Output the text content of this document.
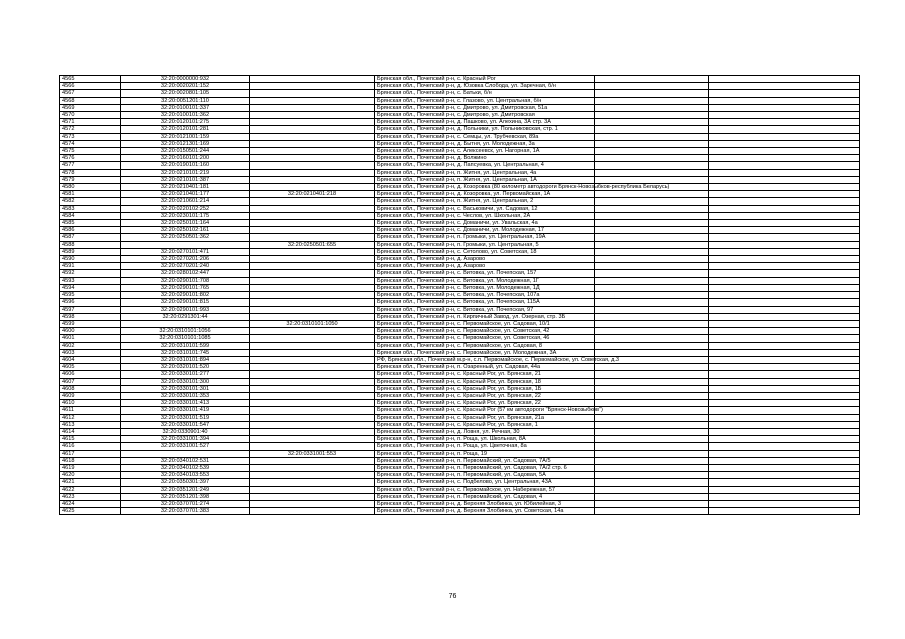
4565	32:20:0000000:932		Брянская обл., Почепский р-н, с. Красный Рог		
4566	32:20:0020201:152		Брянская обл., Почепский р-н, д. Юзовка Слобода, ул. Заречная, б/н		
4567	32:20:0020801:105		Брянская обл., Почепский р-н, с. Батьки, б/н		
4568	32:20:0051201:110		Брянская обл., Почепский р-н, с. Глазово, ул. Центральная, б/н		
4569	32:20:0100101:337		Брянская обл., Почепский р-н, с. Дмитрово, ул. Дмитровская, 51а		
4570	32:20:0100101:362		Брянская обл., Почепский р-н, с. Дмитрово, ул. Дмитровская		
4571	32:20:0120101:275		Брянская обл., Почепский р-н, д. Пашково, ул. Алехина, 3А стр. 3А		
4572	32:20:0120101:281		Брянская обл., Почепский р-н, д. Польники, ул. Польниковская, стр. 1		
4573	32:20:0121001:159		Брянская обл., Почепский р-н, с. Семцы, ул. Трубчевская, 89а		
4574	32:20:0121301:169		Брянская обл., Почепский р-н, д. Бытня, ул. Молодежная, 3а		
4575	32:20:0150501:244		Брянская обл., Почепский р-н, с. Алексеевск, ул. Нагорная, 1А		
4576	32:20:0160101:200		Брянская обл., Почепский р-н, д. Волжино		
4577	32:20:0190101:160		Брянская обл., Почепский р-н, д. Папсуевка, ул. Центральная, 4		
4578	32:20:0210101:219		Брянская обл., Почепский р-н, п. Житня, ул. Центральная, 4а		
4579	32:20:0210101:387		Брянская обл., Почепский р-н, п. Житня, ул. Центральная, 1А		
4580	32:20:0210401:181		Брянская обл., Почепский р-н, д. Козоровка (80 километр автодороги Брянск-Новозыбков-республика Беларусь)		
4581	32:20:0210401:177	32:20:0210401:218	Брянская обл., Почепский р-н, д. Козоровка, ул. Первомайская, 1А		
4582	32:20:0210601:214		Брянская обл., Почепский р-н, п. Житня, ул. Центральная, 2		
4583	32:20:0220102:252		Брянская обл., Почепский р-н, с. Васьковичи, ул. Садовая, 12		
4584	32:20:0230101:175		Брянская обл., Почепский р-н, с. Чеслов, ул. Школьная, 2А		
4585	32:20:0250101:164		Брянская обл., Почепский р-н, с. Доманичи, ул. Увальская, 4а		
4586	32:20:0250102:161		Брянская обл., Почепский р-н, с. Доманичи, ул. Молодежная, 17		
4587	32:20:0250501:362		Брянская обл., Почепский р-н, п. Громыки, ул. Центральная, 19А		
4588		32:20:0250501:655	Брянская обл., Почепский р-н, п. Громыки, ул. Центральная, 5		
4589	32:20:0270101:471		Брянская обл., Почепский р-н, с. Сетолово, ул. Советская, 18		
4590	32:20:0270201:206		Брянская обл., Почепский р-н, д. Азарово		
4591	32:20:0270201:240		Брянская обл., Почепский р-н, д. Азарово		
4592	32:20:0280102:447		Брянская обл., Почепский р-н, с. Витовка, ул. Почепская, 157		
4593	32:20:0290101:708		Брянская обл., Почепский р-н, с. Витовка, ул. Молодежная, 1Г		
4594	32:20:0290101:765		Брянская обл., Почепский р-н, с. Витовка, ул. Молодежная, 1Д		
4595	32:20:0290101:802		Брянская обл., Почепский р-н, с. Витовка, ул. Почепская, 107а		
4596	32:20:0290101:815		Брянская обл., Почепский р-н, с. Витовка, ул. Почепская, 115А		
4597	32:20:0290101:993		Брянская обл., Почепский р-н, с. Витовка, ул. Почепская, 97		
4598	32:20:0291301:44		Брянская обл., Почепский р-н, п. Кирпичный Завод, ул. Озерная, стр. 3Б		
4599		32:20:0310101:1050	Брянская обл., Почепский р-н, с. Первомайское, ул. Садовая, 10/1		
4600	32:20:0310101:1056		Брянская обл., Почепский р-н, с. Первомайское, ул. Советская, 42		
4601	32:20:0310101:1085		Брянская обл., Почепский р-н, с. Первомайское, ул. Советская, 46		
4602	32:20:0310101:599		Брянская обл., Почепский р-н, с. Первомайское, ул. Садовая, 8		
4603	32:20:0310101:745		Брянская обл., Почепский р-н, с. Первомайское, ул. Молодежная, 3А		
4604	32:20:0310101:894		РФ, Брянская обл., Почепский м.р-н, с.п. Первомайское, с. Первомайское, ул. Советская, д.3		
4605	32:20:0320101:520		Брянская обл., Почепский р-н, п. Озаренный, ул. Садовая, 44а		
4606	32:20:0330101:277		Брянская обл., Почепский р-н, с. Красный Рог, ул. Брянская, 21		
4607	32:20:0330101:300		Брянская обл., Почепский р-н, с. Красный Рог, ул. Брянская, 18		
4608	32:20:0330101:301		Брянская обл., Почепский р-н, с. Красный Рог, ул. Брянская, 1Б		
4609	32:20:0330101:353		Брянская обл., Почепский р-н, с. Красный Рог, ул. Брянская, 22		
4610	32:20:0330101:413		Брянская обл., Почепский р-н, с. Красный Рог, ул. Брянская, 22		
4611	32:20:0330101:419		Брянская обл., Почепский р-н, с. Красный Рог (57 км автодороги "Брянск-Новозыбков")		
4612	32:20:0330101:519		Брянская обл., Почепский р-н, с. Красный Рог, ул. Брянская, 21а		
4613	32:20:0330101:547		Брянская обл., Почепский р-н, с. Красный Рог, ул. Брянская, 1		
4614	32:20:0330901:40		Брянская обл., Почепский р-н, д. Ловня, ул. Речная, 30		
4615	32:20:0331001:394		Брянская обл., Почепский р-н, п. Роща, ул. Школьная, 8А		
4616	32:20:0331001:527		Брянская обл., Почепский р-н, п. Роща, ул. Цветочная, 8а		
4617		32:20:0331001:553	Брянская обл., Почепский р-н, п. Роща, 19		
4618	32:20:0340102:531		Брянская обл., Почепский р-н, п. Первомайский, ул. Садовая, 7А/5		
4619	32:20:0340102:539		Брянская обл., Почепский р-н, п. Первомайский, ул. Садовая, 7А/2 стр. 6		
4620	32:20:0340103:553		Брянская обл., Почепский р-н, п. Первомайский, ул. Садовая, 5А		
4621	32:20:0350301:397		Брянская обл., Почепский р-н, с. Подбелово, ул. Центральная, 43А		
4622	32:20:0351201:249		Брянская обл., Почепский р-н, с. Первомайское, ул. Набережная, 57		
4623	32:20:0351201:398		Брянская обл., Почепский р-н, п. Первомайский, ул. Садовая, 4		
4624	32:20:0370701:274		Брянская обл., Почепский р-н, д. Верхняя Злобинка, ул. Юбилейная, 3		
4625	32:20:0370701:383		Брянская обл., Почепский р-н, д. Верхняя Злобинка, ул. Советская, 14а		
76
